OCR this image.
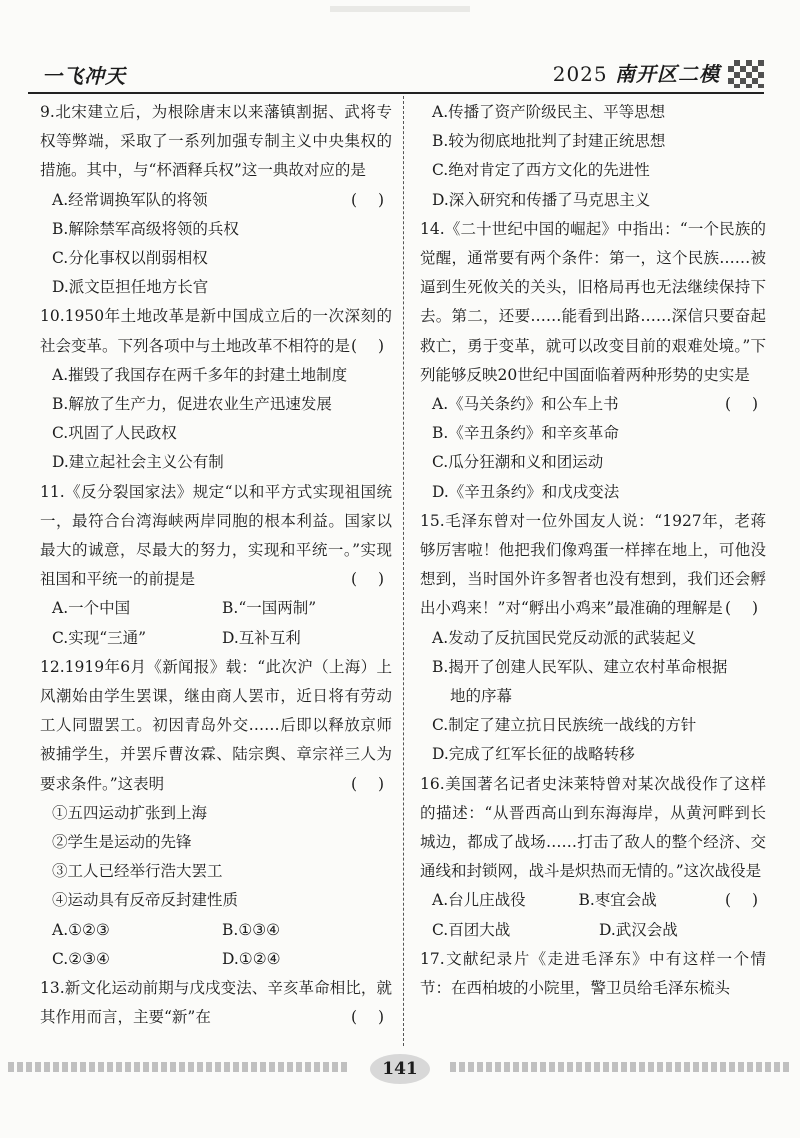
一飞冲天	2025 南开区二模
9.北宋建立后，为根除唐末以来藩镇割据、武将专权等弊端，采取了一系列加强专制主义中央集权的措施。其中，与“杯酒释兵权”这一典故对应的是
( )
A.经常调换军队的将领
B.解除禁军高级将领的兵权
C.分化事权以削弱相权
D.派文臣担任地方长官
10.1950年土地改革是新中国成立后的一次深刻的社会变革。下列各项中与土地改革不相符的是 ( )
A.摧毁了我国存在两千多年的封建土地制度
B.解放了生产力，促进农业生产迅速发展
C.巩固了人民政权
D.建立起社会主义公有制
11.《反分裂国家法》规定“以和平方式实现祖国统一，最符合台湾海峡两岸同胞的根本利益。国家以最大的诚意，尽最大的努力，实现和平统一。”实现祖国和平统一的前提是	( )
A.一个中国	B.“一国两制”
C.实现“三通”	D.互补互利
12.1919年6月《新闻报》载：“此次沪（上海）上风潮始由学生罢课，继由商人罢市，近日将有劳动工人同盟罢工。初因青岛外交……后即以释放京师被捕学生，并罢斥曹汝霖、陆宗舆、章宗祥三人为要求条件。”这表明	( )
①五四运动扩张到上海
②学生是运动的先锋
③工人已经举行浩大罢工
④运动具有反帝反封建性质
A.①②③	B.①③④
C.②③④	D.①②④
13.新文化运动前期与戊戌变法、辛亥革命相比，就其作用而言，主要“新”在	( )
A.传播了资产阶级民主、平等思想
B.较为彻底地批判了封建正统思想
C.绝对肯定了西方文化的先进性
D.深入研究和传播了马克思主义
14.《二十世纪中国的崛起》中指出：“一个民族的觉醒，通常要有两个条件：第一，这个民族……被逼到生死攸关的关头，旧格局再也无法继续保持下去。第二，还要……能看到出路……深信只要奋起救亡，勇于变革，就可以改变目前的艰难处境。”下列能够反映20世纪中国面临着两种形势的史实是
( )
A.《马关条约》和公车上书
B.《辛丑条约》和辛亥革命
C.瓜分狂潮和义和团运动
D.《辛丑条约》和戊戌变法
15.毛泽东曾对一位外国友人说：“1927年，老蒋够厉害啦！他把我们像鸡蛋一样摔在地上，可他没想到，当时国外许多智者也没有想到，我们还会孵出小鸡来！”对“孵出小鸡来”最准确的理解是 ( )
A.发动了反抗国民党反动派的武装起义
B.揭开了创建人民军队、建立农村革命根据
地的序幕
C.制定了建立抗日民族统一战线的方针
D.完成了红军长征的战略转移
16.美国著名记者史沫莱特曾对某次战役作了这样的描述：“从晋西高山到东海海岸，从黄河畔到长城边，都成了战场……打击了敌人的整个经济、交通线和封锁网，战斗是炽热而无情的。”这次战役是
( )
A.台儿庄战役	B.枣宜会战
C.百团大战	D.武汉会战
17.文献纪录片《走进毛泽东》中有这样一个情节：在西柏坡的小院里，警卫员给毛泽东梳头
141
